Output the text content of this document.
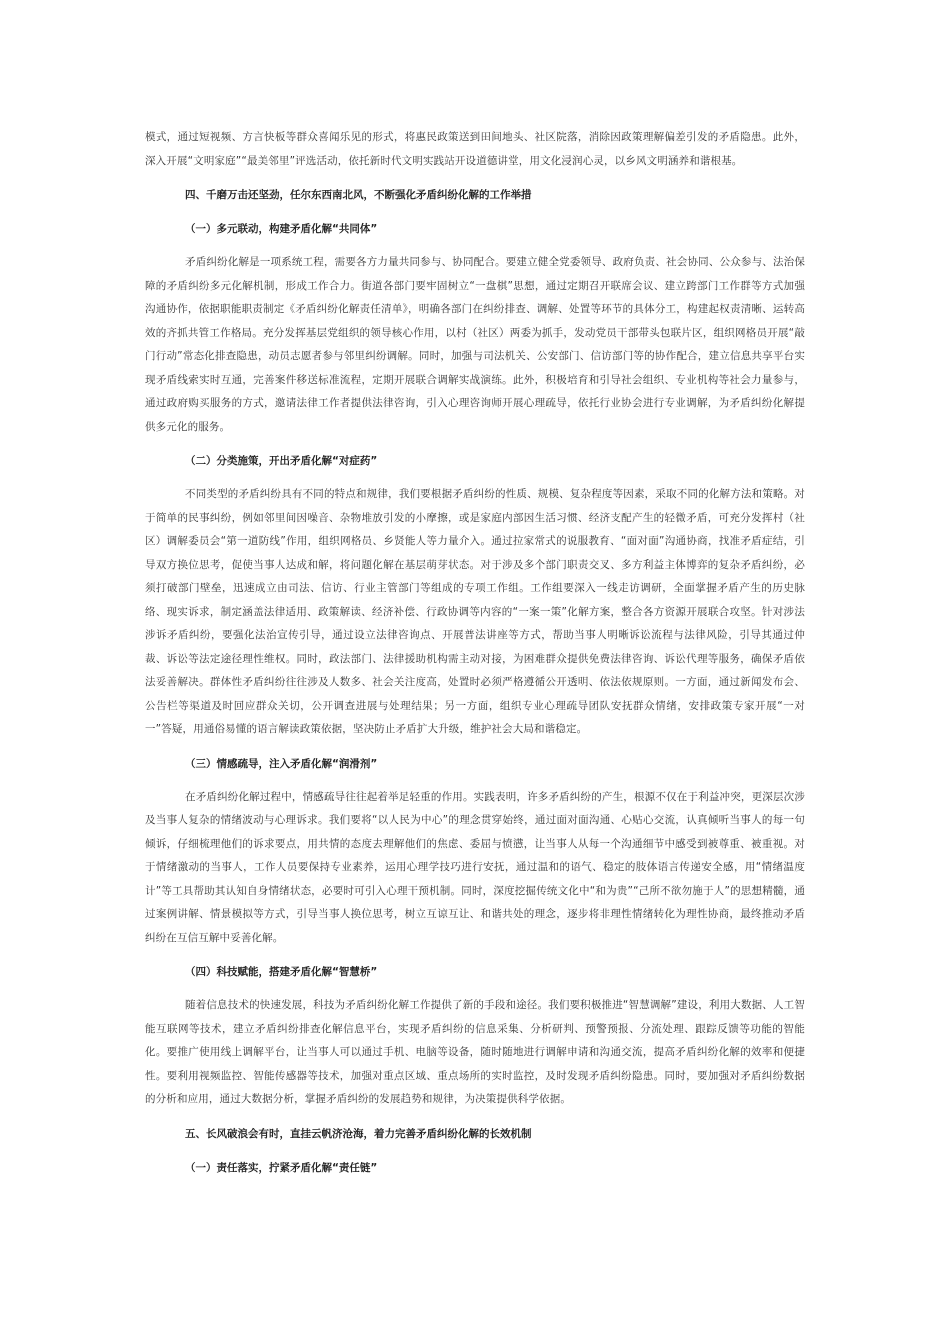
模式，通过短视频、方言快板等群众喜闻乐见的形式，将惠民政策送到田间地头、社区院落，消除因政策理解偏差引发的矛盾隐患。此外，深入开展“文明家庭”“最美邻里”评选活动，依托新时代文明实践站开设道德讲堂，用文化浸润心灵，以乡风文明涵养和谐根基。

四、千磨万击还坚劲，任尔东西南北风，不断强化矛盾纠纷化解的工作举措

（一）多元联动，构建矛盾化解“共同体”

矛盾纠纷化解是一项系统工程，需要各方力量共同参与、协同配合。要建立健全党委领导、政府负责、社会协同、公众参与、法治保障的矛盾纠纷多元化解机制，形成工作合力。街道各部门要牢固树立“一盘棋”思想，通过定期召开联席会议、建立跨部门工作群等方式加强沟通协作，依据职能职责制定《矛盾纠纷化解责任清单》，明确各部门在纠纷排查、调解、处置等环节的具体分工，构建起权责清晰、运转高效的齐抓共管工作格局。充分发挥基层党组织的领导核心作用，以村（社区）两委为抓手，发动党员干部带头包联片区，组织网格员开展“敲门行动”常态化排查隐患，动员志愿者参与邻里纠纷调解。同时，加强与司法机关、公安部门、信访部门等的协作配合，建立信息共享平台实现矛盾线索实时互通，完善案件移送标准流程，定期开展联合调解实战演练。此外，积极培育和引导社会组织、专业机构等社会力量参与，通过政府购买服务的方式，邀请法律工作者提供法律咨询，引入心理咨询师开展心理疏导，依托行业协会进行专业调解，为矛盾纠纷化解提供多元化的服务。

（二）分类施策，开出矛盾化解“对症药”

不同类型的矛盾纠纷具有不同的特点和规律，我们要根据矛盾纠纷的性质、规模、复杂程度等因素，采取不同的化解方法和策略。对于简单的民事纠纷，例如邻里间因噪音、杂物堆放引发的小摩擦，或是家庭内部因生活习惯、经济支配产生的轻微矛盾，可充分发挥村（社区）调解委员会“第一道防线”作用，组织网格员、乡贤能人等力量介入。通过拉家常式的说服教育、“面对面”沟通协商，找准矛盾症结，引导双方换位思考，促使当事人达成和解，将问题化解在基层萌芽状态。对于涉及多个部门职责交叉、多方利益主体博弈的复杂矛盾纠纷，必须打破部门壁垒，迅速成立由司法、信访、行业主管部门等组成的专项工作组。工作组要深入一线走访调研，全面掌握矛盾产生的历史脉络、现实诉求，制定涵盖法律适用、政策解读、经济补偿、行政协调等内容的“一案一策”化解方案，整合各方资源开展联合攻坚。针对涉法涉诉矛盾纠纷，要强化法治宣传引导，通过设立法律咨询点、开展普法讲座等方式，帮助当事人明晰诉讼流程与法律风险，引导其通过仲裁、诉讼等法定途径理性维权。同时，政法部门、法律援助机构需主动对接，为困难群众提供免费法律咨询、诉讼代理等服务，确保矛盾依法妥善解决。群体性矛盾纠纷往往涉及人数多、社会关注度高，处置时必须严格遵循公开透明、依法依规原则。一方面，通过新闻发布会、公告栏等渠道及时回应群众关切，公开调查进展与处理结果；另一方面，组织专业心理疏导团队安抚群众情绪，安排政策专家开展“一对一”答疑，用通俗易懂的语言解读政策依据，坚决防止矛盾扩大升级，维护社会大局和谐稳定。

（三）情感疏导，注入矛盾化解“润滑剂”

在矛盾纠纷化解过程中，情感疏导往往起着举足轻重的作用。实践表明，许多矛盾纠纷的产生，根源不仅在于利益冲突，更深层次涉及当事人复杂的情绪波动与心理诉求。我们要将“以人民为中心”的理念贯穿始终，通过面对面沟通、心贴心交流，认真倾听当事人的每一句倾诉，仔细梳理他们的诉求要点，用共情的态度去理解他们的焦虑、委屈与愤懑，让当事人从每一个沟通细节中感受到被尊重、被重视。对于情绪激动的当事人，工作人员要保持专业素养，运用心理学技巧进行安抚，通过温和的语气、稳定的肢体语言传递安全感，用“情绪温度计”等工具帮助其认知自身情绪状态，必要时可引入心理干预机制。同时，深度挖掘传统文化中“和为贵”“己所不欲勿施于人”的思想精髓，通过案例讲解、情景模拟等方式，引导当事人换位思考，树立互谅互让、和谐共处的理念，逐步将非理性情绪转化为理性协商，最终推动矛盾纠纷在互信互解中妥善化解。

（四）科技赋能，搭建矛盾化解“智慧桥”

随着信息技术的快速发展，科技为矛盾纠纷化解工作提供了新的手段和途径。我们要积极推进“智慧调解”建设，利用大数据、人工智能互联网等技术，建立矛盾纠纷排查化解信息平台，实现矛盾纠纷的信息采集、分析研判、预警预报、分流处理、跟踪反馈等功能的智能化。要推广使用线上调解平台，让当事人可以通过手机、电脑等设备，随时随地进行调解申请和沟通交流，提高矛盾纠纷化解的效率和便捷性。要利用视频监控、智能传感器等技术，加强对重点区域、重点场所的实时监控，及时发现矛盾纠纷隐患。同时，要加强对矛盾纠纷数据的分析和应用，通过大数据分析，掌握矛盾纠纷的发展趋势和规律，为决策提供科学依据。

五、长风破浪会有时，直挂云帆济沧海，着力完善矛盾纠纷化解的长效机制

（一）责任落实，拧紧矛盾化解“责任链”
